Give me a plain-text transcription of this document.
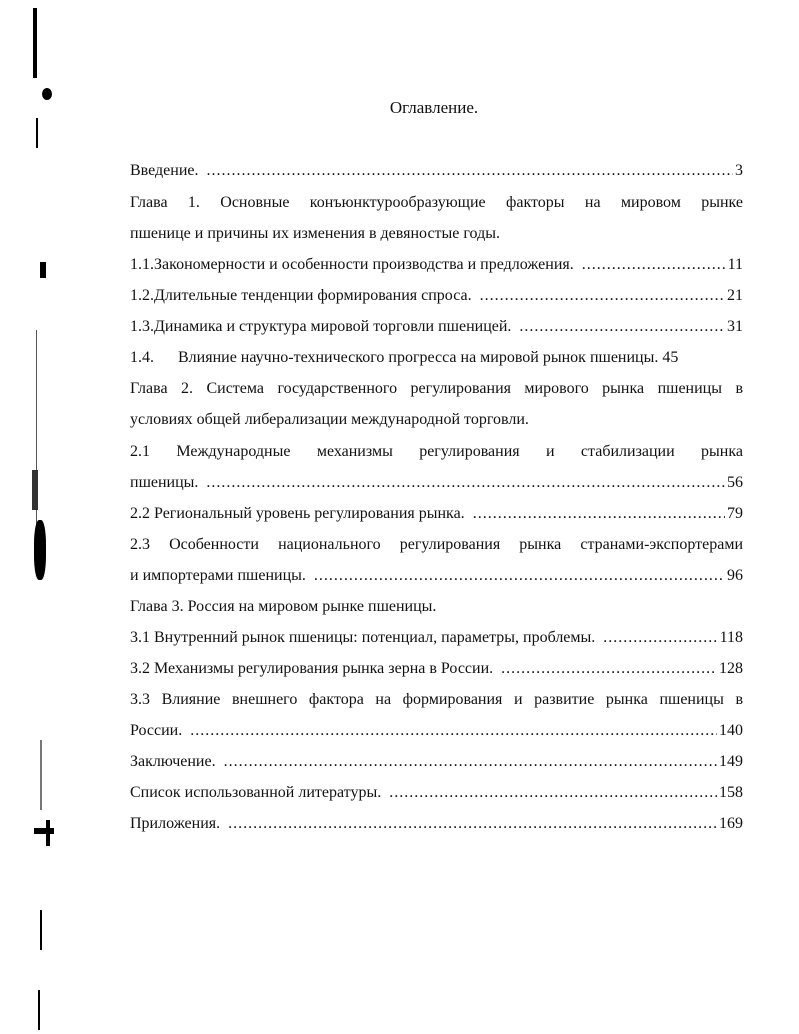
Оглавление.
Введение. .....	3
Глава 1. Основные конъюнктурообразующие факторы на мировом рынке
пшенице и причины их изменения в девяностые годы.
1.1. Закономерности и особенности производства и предложения. .....	11
1.2. Длительные тенденции формирования спроса. .....	21
1.3. Динамика и структура мировой торговли пшеницей. .....	31
1.4. Влияние научно-технического прогресса на мировой рынок пшеницы. 45
Глава 2. Система государственного регулирования мирового рынка пшеницы в
условиях общей либерализации международной торговли.
2.1 Международные механизмы регулирования и стабилизации рынка
пшеницы. .....	56
2.2 Региональный уровень регулирования рынка. .....	79
2.3 Особенности национального регулирования рынка странами-экспортерами
и импортерами пшеницы. .....	96
Глава 3. Россия на мировом рынке пшеницы.
3.1 Внутренний рынок пшеницы: потенциал, параметры, проблемы. .....	118
3.2 Механизмы регулирования рынка зерна в России. .....	128
3.3 Влияние внешнего фактора на формирования и развитие рынка пшеницы в
России. .....	140
Заключение. .....	149
Список использованной литературы. .....	158
Приложения. .....	169
